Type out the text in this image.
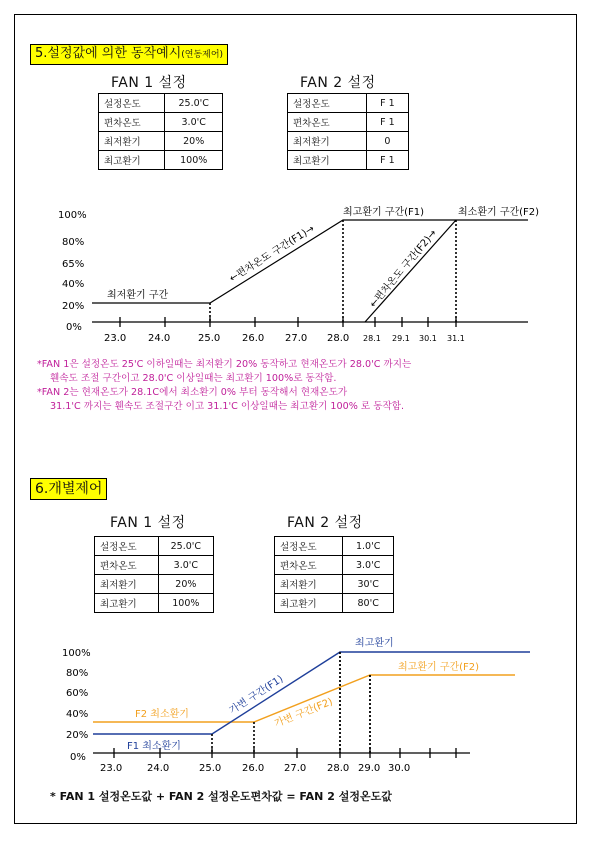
5.설정값에 의한 동작예시(연동제어)
FAN 1 설정	FAN 2 설정
설정온도	25.0'C
편차온도	3.0'C
최저환기	20%
최고환기	100%
설정온도	F 1
편차온도	F 1
최저환기	0
최고환기	F 1
100%
80%
65%
40%
20%
0%
23.0 24.0	25.0 26.0 27.0 28.0 28.1 29.1 30.1 31.1
최저환기 구간
최고환기 구간(F1)	최소환기 구간(F2)
←편차온도 구간(F1)→	←편차온도 구간(F2)→
*FAN 1은 설정온도 25'C 이하일때는 최저환기 20% 동작하고 현재온도가 28.0'C 까지는
휀속도 조절 구간이고 28.0'C 이상일때는 최고환기 100%로 동작함.
*FAN 2는 현재온도가 28.1C에서 최소환기 0% 부터 동작해서 현재온도가
31.1'C 까지는 휀속도 조절구간 이고 31.1'C 이상일때는 최고환기 100% 로 동작함.
6.개별제어
FAN 1 설정	FAN 2 설정
설정온도	25.0'C
편차온도	3.0'C
최저환기	20%
최고환기	100%
설정온도	1.0'C
편차온도	3.0'C
최저환기	30'C
최고환기	80'C
100%
80%
60%
40%
20%
0%
23.0 24.0	25.0 26.0 27.0 28.0 29.0 30.0
최고환기
최고환기 구간(F2)
F2 최소환기
F1 최소환기
가변 구간(F1)
가변 구간(F2)
* FAN 1 설정온도값 + FAN 2 설정온도편차값 = FAN 2 설정온도값
